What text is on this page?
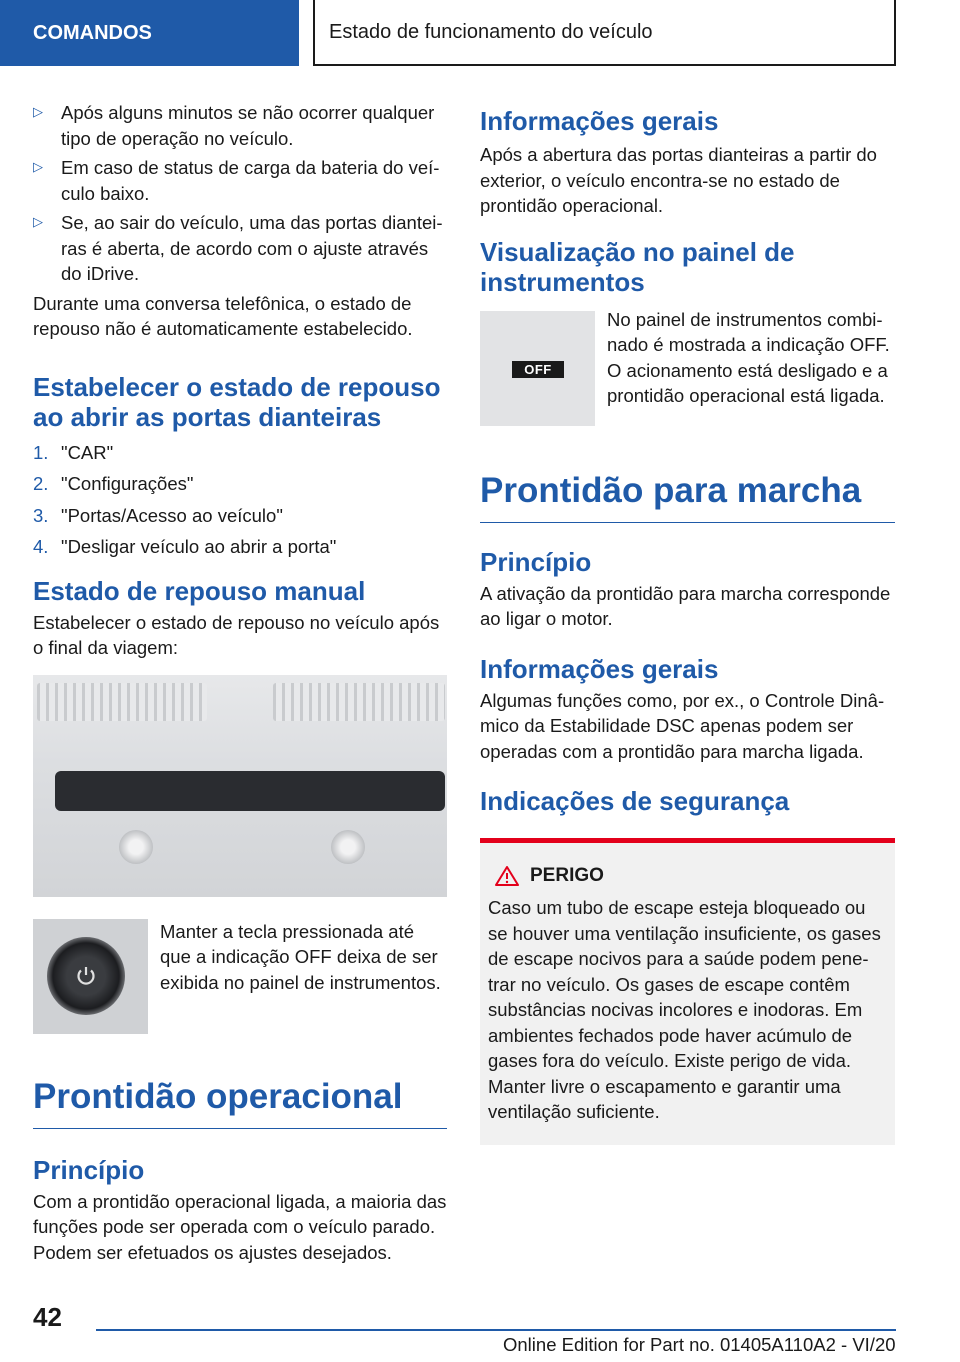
COMANDOS	Estado de funcionamento do veículo
▷ Após alguns minutos se não ocorrer qualquer tipo de operação no veículo.

▷ Em caso de status de carga da bateria do veículo baixo.

▷ Se, ao sair do veículo, uma das portas dianteiras é aberta, de acordo com o ajuste através do iDrive.

Durante uma conversa telefônica, o estado de repouso não é automaticamente estabelecido.

Estabelecer o estado de repouso ao abrir as portas dianteiras
1. "CAR"

2. "Configurações"

3. "Portas/Acesso ao veículo"

4. "Desligar veículo ao abrir a porta"

Estado de repouso manual

Estabelecer o estado de repouso no veículo após o final da viagem:

Manter a tecla pressionada até que a indicação OFF deixa de ser exibida no painel de instrumentos.

Prontidão operacional
Princípio

Com a prontidão operacional ligada, a maioria das funções pode ser operada com o veículo parado. Podem ser efetuados os ajustes desejados.

Informações gerais

Após a abertura das portas dianteiras a partir do exterior, o veículo encontra-se no estado de prontidão operacional.

Visualização no painel de instrumentos
OFF

No painel de instrumentos combinado é mostrada a indicação OFF. O acionamento está desligado e a prontidão operacional está ligada.

Prontidão para marcha
Princípio

A ativação da prontidão para marcha corresponde ao ligar o motor.

Informações gerais

Algumas funções como, por ex., o Controle Dinâmico da Estabilidade DSC apenas podem ser operadas com a prontidão para marcha ligada.

Indicações de segurança
PERIGO

Caso um tubo de escape esteja bloqueado ou se houver uma ventilação insuficiente, os gases de escape nocivos para a saúde podem penetrar no veículo. Os gases de escape contêm substâncias nocivas incolores e inodoras. Em ambientes fechados pode haver acúmulo de gases fora do veículo. Existe perigo de vida. Manter livre o escapamento e garantir uma ventilação suficiente.

42
Online Edition for Part no. 01405A110A2 - VI/20
